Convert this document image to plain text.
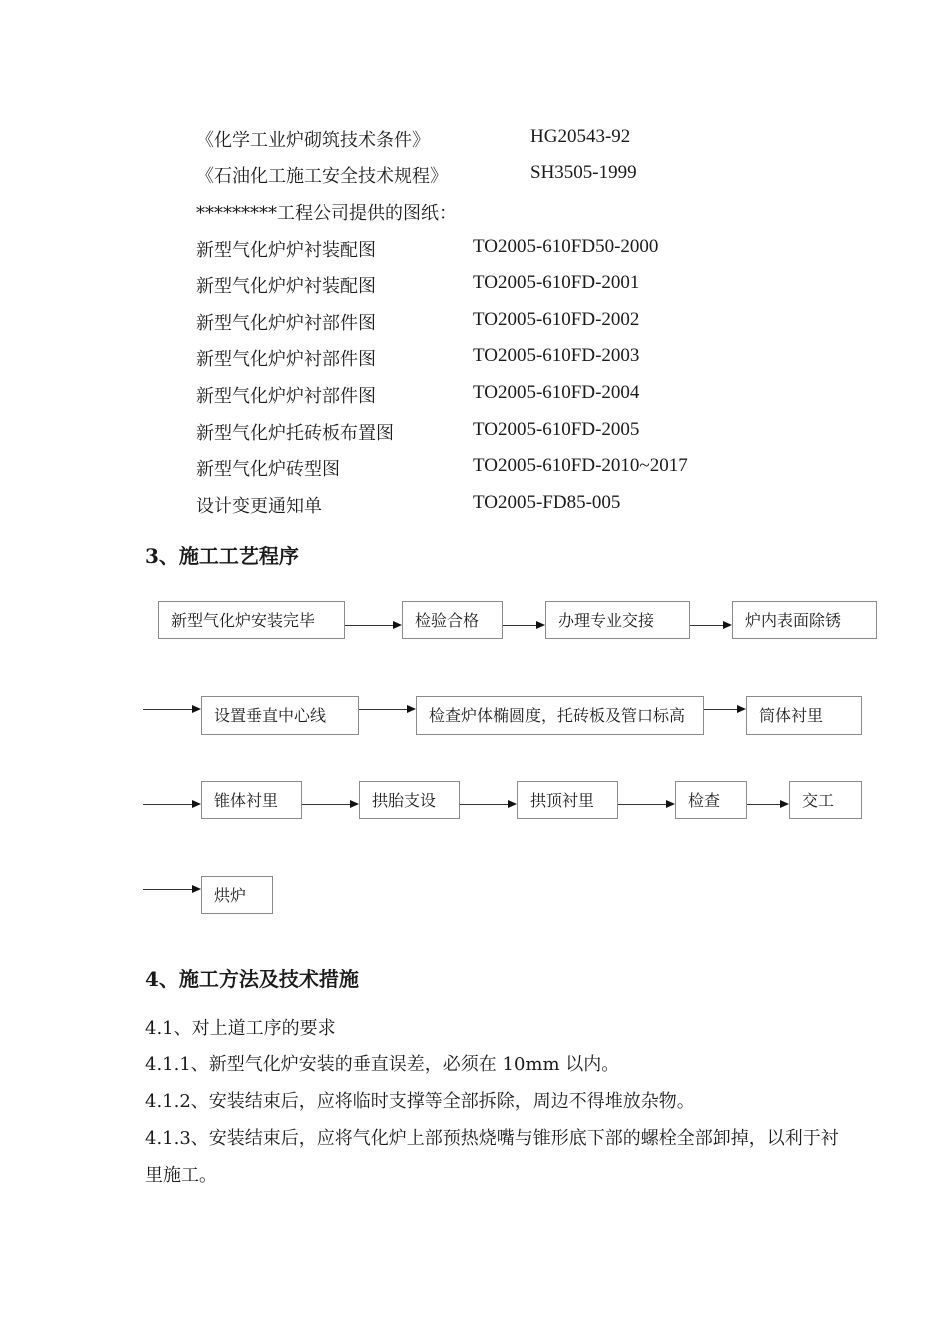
《化学工业炉砌筑技术条件》	HG20543-92
《石油化工施工安全技术规程》	SH3505-1999
*********工程公司提供的图纸：
新型气化炉炉衬装配图	TO2005-610FD50-2000
新型气化炉炉衬装配图	TO2005-610FD-2001
新型气化炉炉衬部件图	TO2005-610FD-2002
新型气化炉炉衬部件图	TO2005-610FD-2003
新型气化炉炉衬部件图	TO2005-610FD-2004
新型气化炉托砖板布置图	TO2005-610FD-2005
新型气化炉砖型图	TO2005-610FD-2010~2017
设计变更通知单	TO2005-FD85-005
3、施工工艺程序
新型气化炉安装完毕	检验合格	办理专业交接	炉内表面除锈
设置垂直中心线	检查炉体椭圆度，托砖板及管口标高	筒体衬里
锥体衬里	拱胎支设	拱顶衬里	检查	交工
烘炉
4、施工方法及技术措施
4.1、对上道工序的要求
4.1.1、新型气化炉安装的垂直误差，必须在 10mm 以内。
4.1.2、安装结束后，应将临时支撑等全部拆除，周边不得堆放杂物。
4.1.3、安装结束后，应将气化炉上部预热烧嘴与锥形底下部的螺栓全部卸掉，以利于衬
里施工。
